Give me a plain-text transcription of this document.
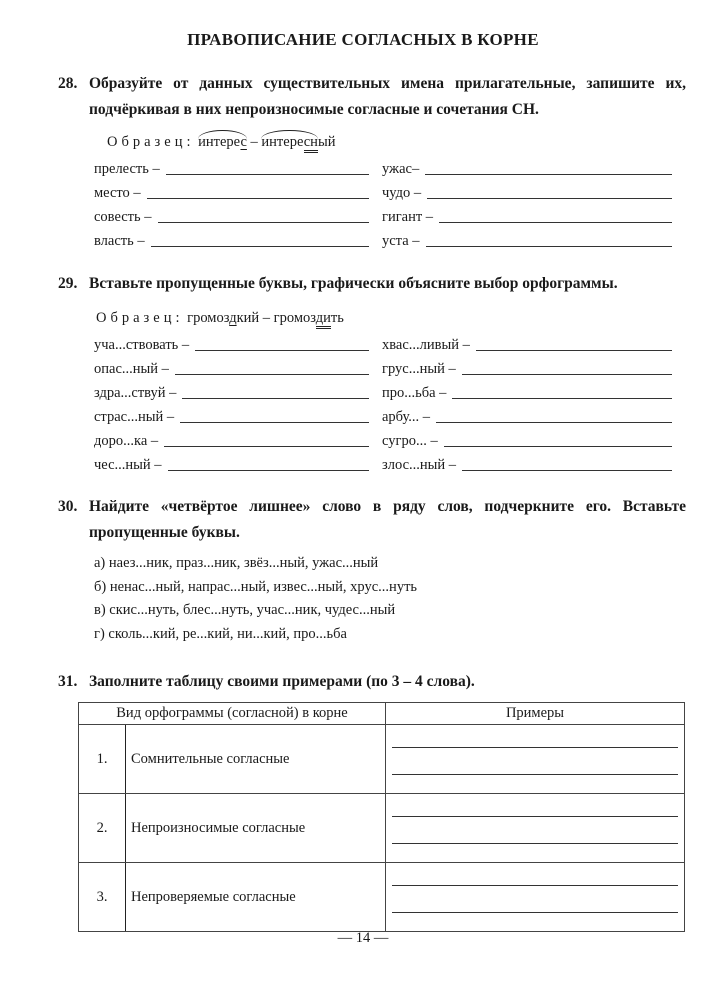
ПРАВОПИСАНИЕ СОГЛАСНЫХ В КОРНЕ
28. Образуйте от данных существительных имена прилагательные, запишите их, подчёркивая в них непроизносимые согласные и сочетания СН.
Образец: интерес – интересный
прелесть –
место –
совесть –
власть –
ужас–
чудо –
гигант –
уста –
29. Вставьте пропущенные буквы, графически объясните выбор орфограммы.
Образец: громоздкий – громоздить
уча...ствовать –
опас...ный –
здра...ствуй –
страс...ный –
доро...ка –
чес...ный –
хвас...ливый –
грус...ный –
про...ьба –
арбу... –
сугро... –
злос...ный –
30. Найдите «четвёртое лишнее» слово в ряду слов, подчеркните его. Вставьте пропущенные буквы.
а) наез...ник, праз...ник, звёз...ный, ужас...ный
б) ненас...ный, напрас...ный, извес...ный, хрус...нуть
в) скис...нуть, блес...нуть, учас...ник, чудес...ный
г) сколь...кий, ре...кий, ни...кий, про...ьба
31. Заполните таблицу своими примерами (по 3 – 4 слова).
Вид орфограммы (согласной) в корне		Примеры
1.	Сомнительные согласные	

2.	Непроизносимые согласные	

3.	Непроверяемые согласные	
— 14 —
